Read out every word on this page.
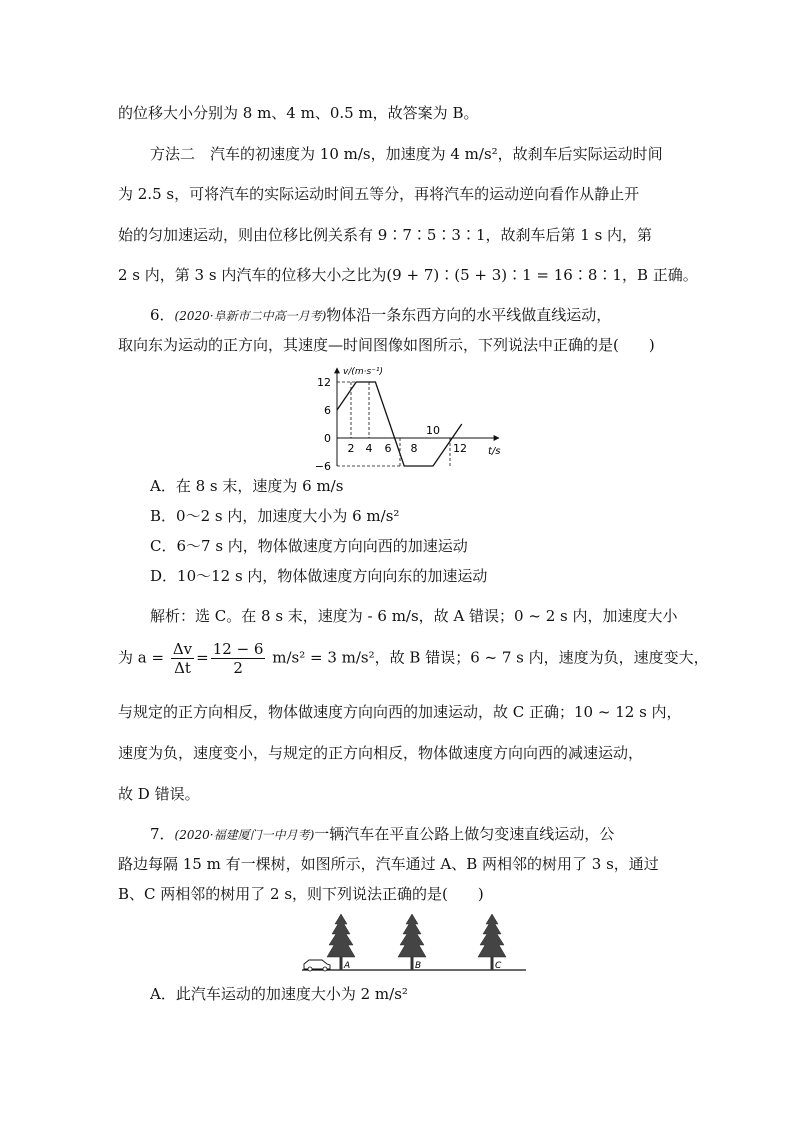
的位移大小分别为 8 m、4 m、0.5 m，故答案为 B。
方法二　汽车的初速度为 10 m/s，加速度为 4 m/s²，故刹车后实际运动时间
为 2.5 s，可将汽车的实际运动时间五等分，再将汽车的运动逆向看作从静止开
始的匀加速运动，则由位移比例关系有 9∶7∶5∶3∶1，故刹车后第 1 s 内，第
2 s 内，第 3 s 内汽车的位移大小之比为(9 + 7)∶(5 + 3)∶1 = 16∶8∶1，B 正确。
6．(2020·阜新市二中高一月考)物体沿一条东西方向的水平线做直线运动，
取向东为运动的正方向，其速度—时间图像如图所示，下列说法中正确的是(　　)
12
6
0
−6
2 4 6 8	12
10
v/(m·s⁻¹)
t/s
A．在 8 s 末，速度为 6 m/s
B．0～2 s 内，加速度大小为 6 m/s²
C．6～7 s 内，物体做速度方向向西的加速运动
D．10～12 s 内，物体做速度方向向东的加速运动
解析：选 C。在 8 s 末，速度为 - 6 m/s，故 A 错误；0 ~ 2 s 内，加速度大小
为 $a = \frac{\Delta v}{\Delta t} = \frac{12 - 6}{2} m/s^2 = 3$ m/s²，故 B 错误；6 ~ 7 s 内，速度为负，速度变大，
与规定的正方向相反，物体做速度方向向西的加速运动，故 C 正确；10 ~ 12 s 内，
速度为负，速度变小，与规定的正方向相反，物体做速度方向向西的减速运动，
故 D 错误。
7．(2020·福建厦门一中月考)一辆汽车在平直公路上做匀变速直线运动，公
路边每隔 15 m 有一棵树，如图所示，汽车通过 A、B 两相邻的树用了 3 s，通过
B、C 两相邻的树用了 2 s，则下列说法正确的是(　　)
A	B	C
A．此汽车运动的加速度大小为 2 m/s²
